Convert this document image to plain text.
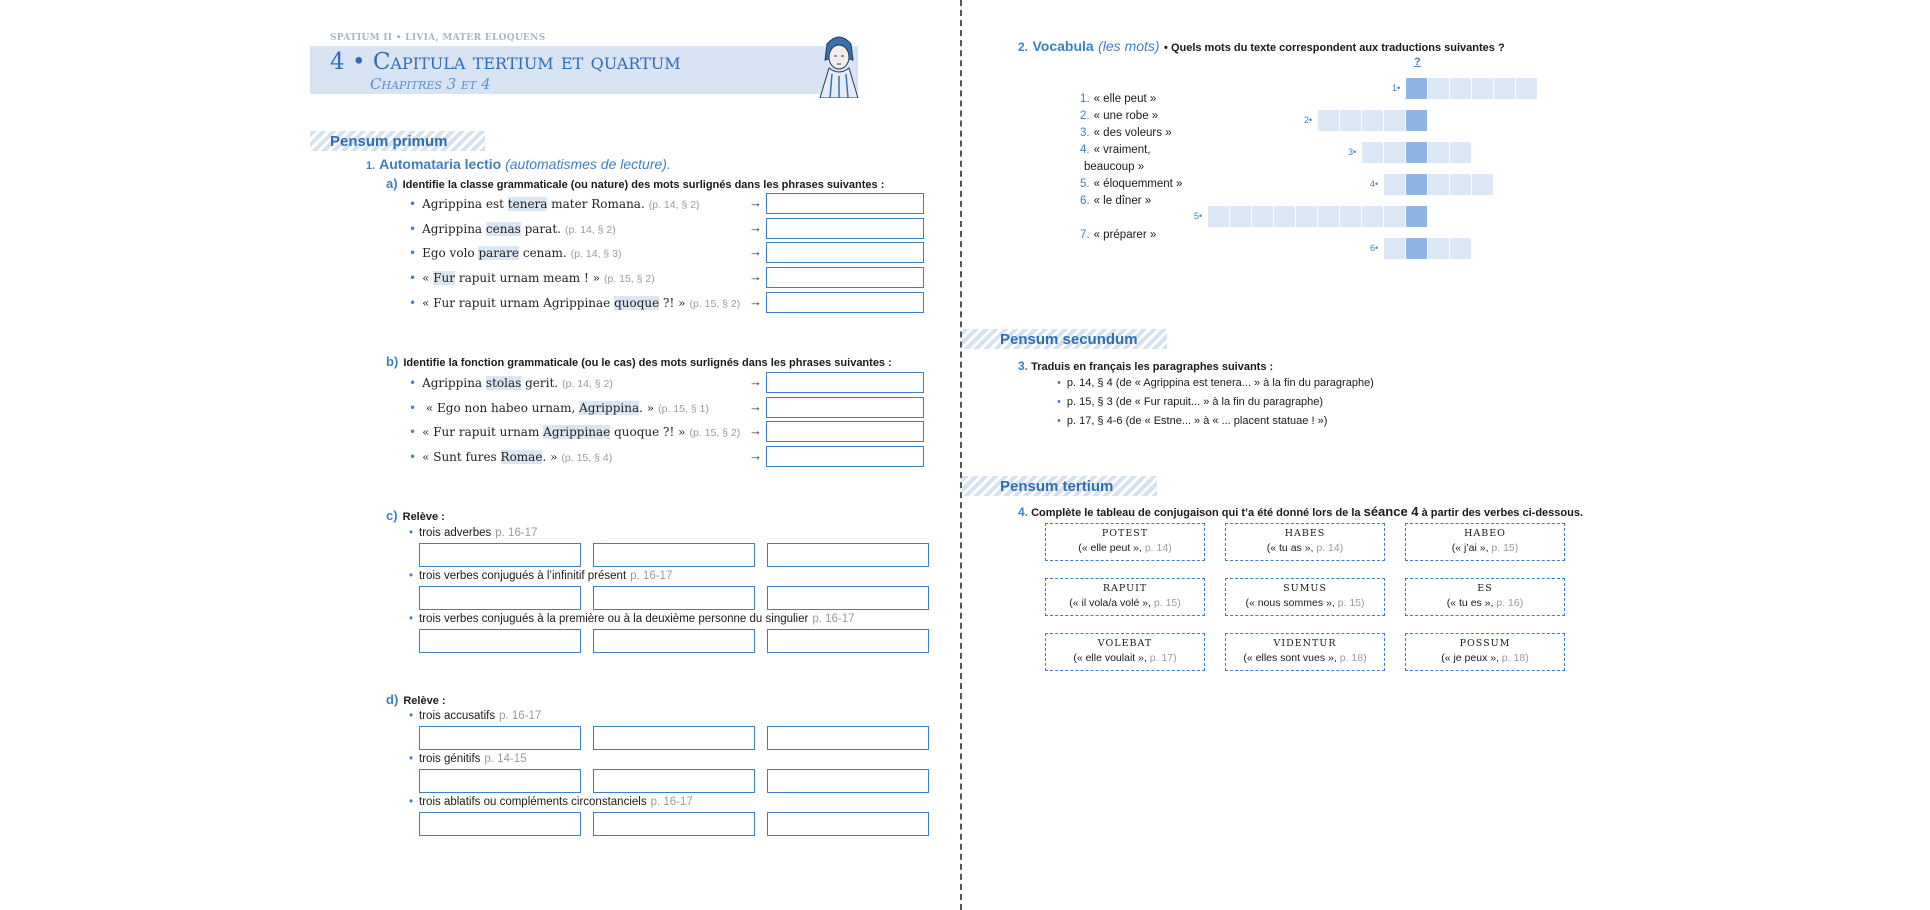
SPATIUM II • LIVIA, MATER ELOQUENS
4 • Capitula tertium et quartum
Chapitres 3 et 4
Pensum primum
1. Automataria lectio (automatismes de lecture).
a) Identifie la classe grammaticale (ou nature) des mots surlignés dans les phrases suivantes :
• Agrippina est tenera mater Romana. (p. 14, § 2)	→
• Agrippina cenas parat. (p. 14, § 2)	→
• Ego volo parare cenam. (p. 14, § 3)	→
• « Fur rapuit urnam meam ! » (p. 15, § 2)	→
• « Fur rapuit urnam Agrippinae quoque ?! » (p. 15, § 2) →
b) Identifie la fonction grammaticale (ou le cas) des mots surlignés dans les phrases suivantes :
• Agrippina stolas gerit. (p. 14, § 2)	→
• « Ego non habeo urnam, Agrippina. » (p. 15, § 1)	→
• « Fur rapuit urnam Agrippinae quoque ?! » (p. 15, § 2) →
• « Sunt fures Romae. » (p. 15, § 4)	→
c) Relève :
• trois adverbes p. 16-17
• trois verbes conjugués à l’infinitif présent p. 16-17
• trois verbes conjugués à la première ou à la deuxième personne du singulier p. 16-17
d) Relève :
• trois accusatifs p. 16-17
• trois génitifs p. 14-15
• trois ablatifs ou compléments circonstanciels p. 16-17
2. Vocabula (les mots) • Quels mots du texte correspondent aux traductions suivantes ?
?
1. « elle peut »
2. « une robe »
3. « des voleurs »
4. « vraiment,
beaucoup »
5. « éloquemment »
6. « le dîner »
7. « préparer »
1•
2•
3•
4•
5•
6•
Pensum secundum
3. Traduis en français les paragraphes suivants :
• p. 14, § 4 (de « Agrippina est tenera... » à la fin du paragraphe)
• p. 15, § 3 (de « Fur rapuit... » à la fin du paragraphe)
• p. 17, § 4-6 (de « Estne... » à « ... placent statuae ! »)
Pensum tertium
4. Complète le tableau de conjugaison qui t’a été donné lors de la séance 4 à partir des verbes ci-dessous.
POTEST
(« elle peut », p. 14)
HABES
(« tu as », p. 14)
HABEO
(« j’ai », p. 15)
RAPUIT
(« il vola/a volé », p. 15)
SUMUS
(« nous sommes », p. 15)
ES
(« tu es », p. 16)
VOLEBAT
(« elle voulait », p. 17)
VIDENTUR
(« elles sont vues », p. 18)
POSSUM
(« je peux », p. 18)
